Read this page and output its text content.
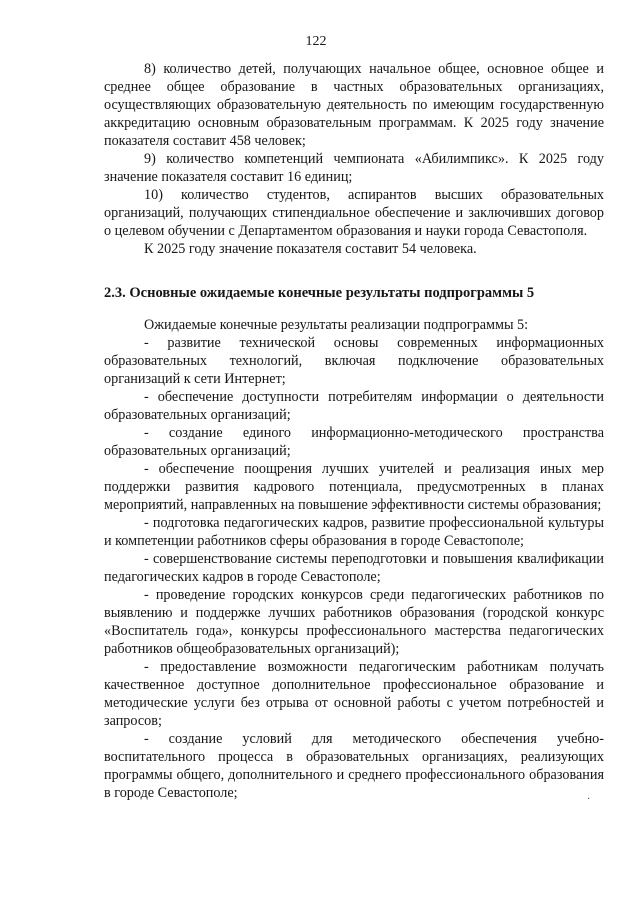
122

8) количество детей, получающих начальное общее, основное общее и среднее общее образование в частных образовательных организациях, осуществляющих образовательную деятельность по имеющим государственную аккредитацию основным образовательным программам. К 2025 году значение показателя составит 458 человек;

9) количество компетенций чемпионата «Абилимпикс». К 2025 году значение показателя составит 16 единиц;

10) количество студентов, аспирантов высших образовательных организаций, получающих стипендиальное обеспечение и заключивших договор о целевом обучении с Департаментом образования и науки города Севастополя.

К 2025 году значение показателя составит 54 человека.

2.3. Основные ожидаемые конечные результаты подпрограммы 5

Ожидаемые конечные результаты реализации подпрограммы 5:

- развитие технической основы современных информационных образовательных технологий, включая подключение образовательных организаций к сети Интернет;

- обеспечение доступности потребителям информации о деятельности образовательных организаций;

- создание единого информационно-методического пространства образовательных организаций;

- обеспечение поощрения лучших учителей и реализация иных мер поддержки развития кадрового потенциала, предусмотренных в планах мероприятий, направленных на повышение эффективности системы образования;

- подготовка педагогических кадров, развитие профессиональной культуры и компетенции работников сферы образования в городе Севастополе;

- совершенствование системы переподготовки и повышения квалификации педагогических кадров в городе Севастополе;

- проведение городских конкурсов среди педагогических работников по выявлению и поддержке лучших работников образования (городской конкурс «Воспитатель года», конкурсы профессионального мастерства педагогических работников общеобразовательных организаций);

- предоставление возможности педагогическим работникам получать качественное доступное дополнительное профессиональное образование и методические услуги без отрыва от основной работы с учетом потребностей и запросов;

- создание условий для методического обеспечения учебно-воспитательного процесса в образовательных организациях, реализующих программы общего, дополнительного и среднего профессионального образования в городе Севастополе;	·
